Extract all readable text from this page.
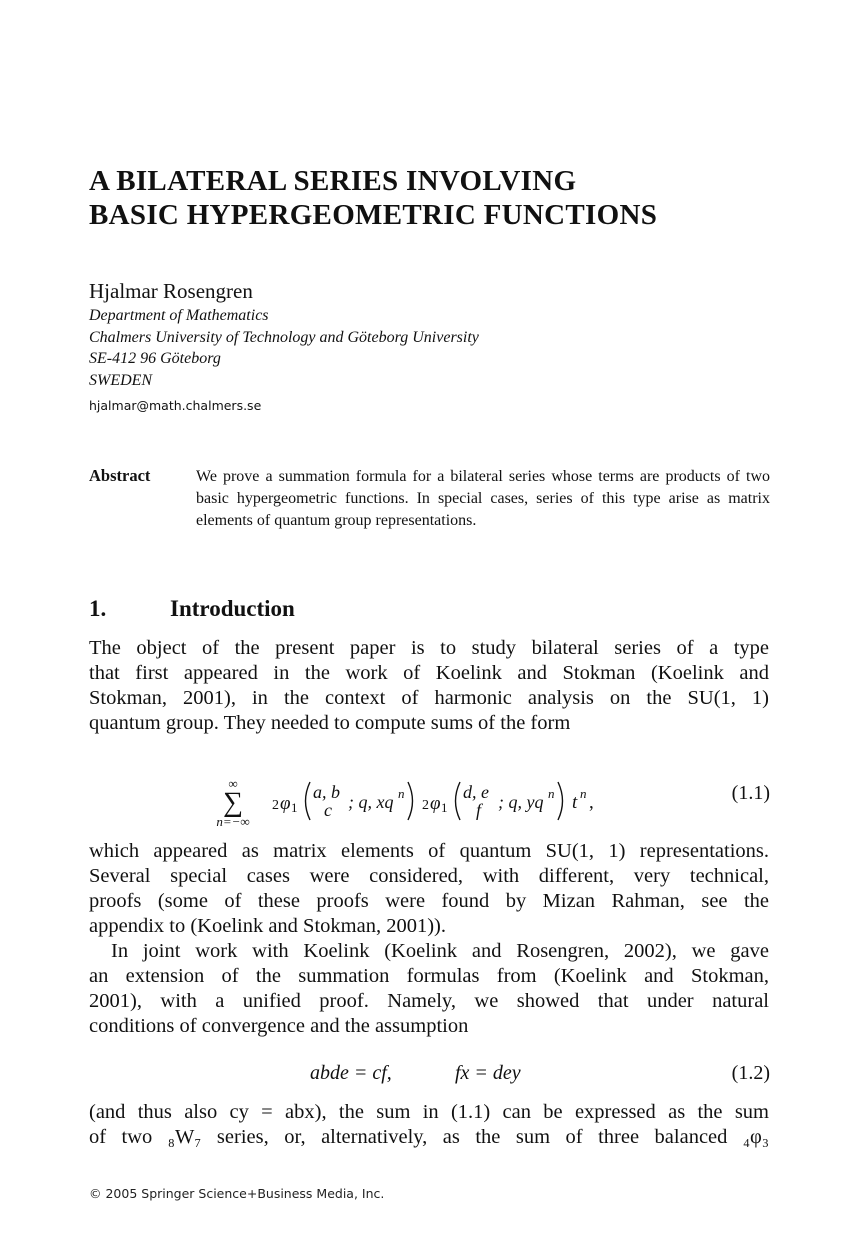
A BILATERAL SERIES INVOLVING
BASIC HYPERGEOMETRIC FUNCTIONS
Hjalmar Rosengren
Department of Mathematics
Chalmers University of Technology and Göteborg University
SE-412 96 Göteborg
SWEDEN
hjalmar@math.chalmers.se
Abstract	We prove a summation formula for a bilateral series whose terms are products of two basic hypergeometric functions. In special cases, series of this type arise as matrix elements of quantum group representations.
1.	Introduction
The object of the present paper is to study bilateral series of a type
that first appeared in the work of Koelink and Stokman (Koelink and
Stokman, 2001), in the context of harmonic analysis on the SU(1, 1)
quantum group. They needed to compute sums of the form
∞
∑
n=−∞
2 φ 1
a, b
c ; q, xq n
2 φ 1
d, e
f ; q, yq n t n ,	(1.1)
which appeared as matrix elements of quantum SU(1, 1) representations.
Several special cases were considered, with different, very technical,
proofs (some of these proofs were found by Mizan Rahman, see the
appendix to (Koelink and Stokman, 2001)).
In joint work with Koelink (Koelink and Rosengren, 2002), we gave
an extension of the summation formulas from (Koelink and Stokman,
2001), with a unified proof. Namely, we showed that under natural
conditions of convergence and the assumption
abde = cf,	fx = dey	(1.2)
(and thus also cy = abx), the sum in (1.1) can be expressed as the sum
of two ₈W₇ series, or, alternatively, as the sum of three balanced ₄φ₃
© 2005 Springer Science+Business Media, Inc.
